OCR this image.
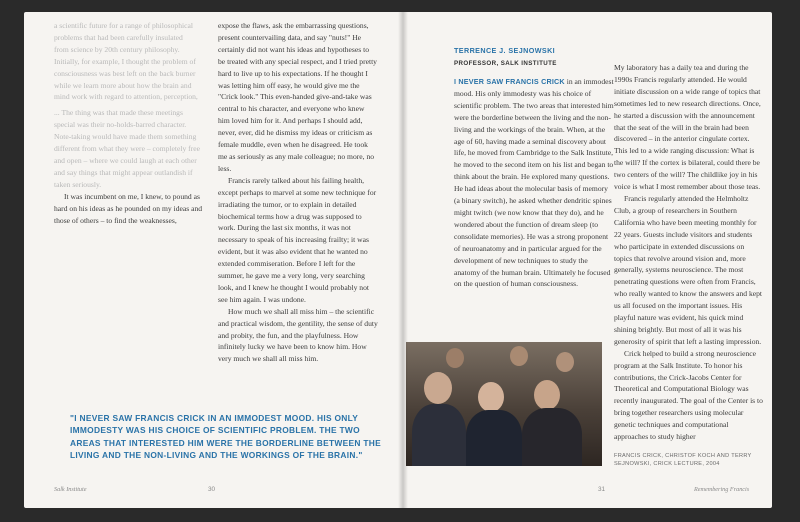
a scientific future for a range of philosophical
problems that had been carefully insulated
from science by 20th century philosophy.
Initially, for example, I thought the problem of
consciousness was best left on the back burner
while we learn more about how the brain and
mind work with regard to attention, perception,

... The thing was that made these meetings special was their no-holds-barred character. Note-taking would have made them something different from what they were – completely free and open – where we could laugh at each other and say things that might appear outlandish if taken seriously.

It was incumbent on me, I knew, to pound as hard on his ideas as he pounded on my ideas and those of others – to find the weaknesses,

expose the flaws, ask the embarrassing questions, present countervailing data, and say "nuts!" He certainly did not want his ideas and hypotheses to be treated with any special respect, and I tried pretty hard to live up to his expectations. If he thought I was letting him off easy, he would give me the "Crick look." This even-handed give-and-take was central to his character, and everyone who knew him loved him for it. And perhaps I should add, never, ever, did he dismiss my ideas or criticism as female muddle, even when he disagreed. He took me as seriously as any male colleague; no more, no less.

Francis rarely talked about his failing health, except perhaps to marvel at some new technique for irradiating the tumor, or to explain in detailed biochemical terms how a drug was supposed to work. During the last six months, it was not necessary to speak of his increasing frailty; it was evident, but it was also evident that he wanted no extended commiseration. Before I left for the summer, he gave me a very long, very searching look, and I knew he thought I would probably not see him again. I was undone.

How much we shall all miss him – the scientific and practical wisdom, the gentility, the sense of duty and probity, the fun, and the playfulness. How infinitely lucky we have been to know him. How very much we shall all miss him.

"I NEVER SAW FRANCIS CRICK IN AN IMMODEST MOOD. HIS ONLY IMMODESTY WAS HIS CHOICE OF SCIENTIFIC PROBLEM. THE TWO AREAS THAT INTERESTED HIM WERE THE BORDERLINE BETWEEN THE LIVING AND THE NON-LIVING AND THE WORKINGS OF THE BRAIN."
Salk Institute	30
TERRENCE J. SEJNOWSKI
PROFESSOR, SALK INSTITUTE

I NEVER SAW FRANCIS CRICK in an immodest mood. His only immodesty was his choice of scientific problem. The two areas that interested him were the borderline between the living and the non-living and the workings of the brain. When, at the age of 60, having made a seminal discovery about life, he moved from Cambridge to the Salk Institute, he moved to the second item on his list and began to think about the brain. He explored many questions. He had ideas about the molecular basis of memory (a binary switch), he asked whether dendritic spines might twitch (we now know that they do), and he wondered about the function of dream sleep (to consolidate memories). He was a strong proponent of neuroanatomy and in particular argued for the development of new techniques to study the anatomy of the human brain. Ultimately he focused on the question of human consciousness.

My laboratory has a daily tea and during the 1990s Francis regularly attended. He would initiate discussion on a wide range of topics that sometimes led to new research directions. Once, he started a discussion with the announcement that the seat of the will in the brain had been discovered – in the anterior cingulate cortex. This led to a wide ranging discussion: What is the will? If the cortex is bilateral, could there be two centers of the will? The childlike joy in his voice is what I most remember about those teas.

Francis regularly attended the Helmholtz Club, a group of researchers in Southern California who have been meeting monthly for 22 years. Guests include visitors and students who participate in extended discussions on topics that revolve around vision and, more generally, systems neuroscience. The most penetrating questions were often from Francis, who really wanted to know the answers and kept us all focused on the important issues. His playful nature was evident, his quick mind shining brightly. But most of all it was his generosity of spirit that left a lasting impression.

Crick helped to build a strong neuroscience program at the Salk Institute. To honor his contributions, the Crick-Jacobs Center for Theoretical and Computational Biology was recently inaugurated. The goal of the Center is to bring together researchers using molecular genetic techniques and computational approaches to study higher

FRANCIS CRICK, CHRISTOF KOCH AND TERRY SEJNOWSKI, CRICK LECTURE, 2004
31	Remembering Francis
